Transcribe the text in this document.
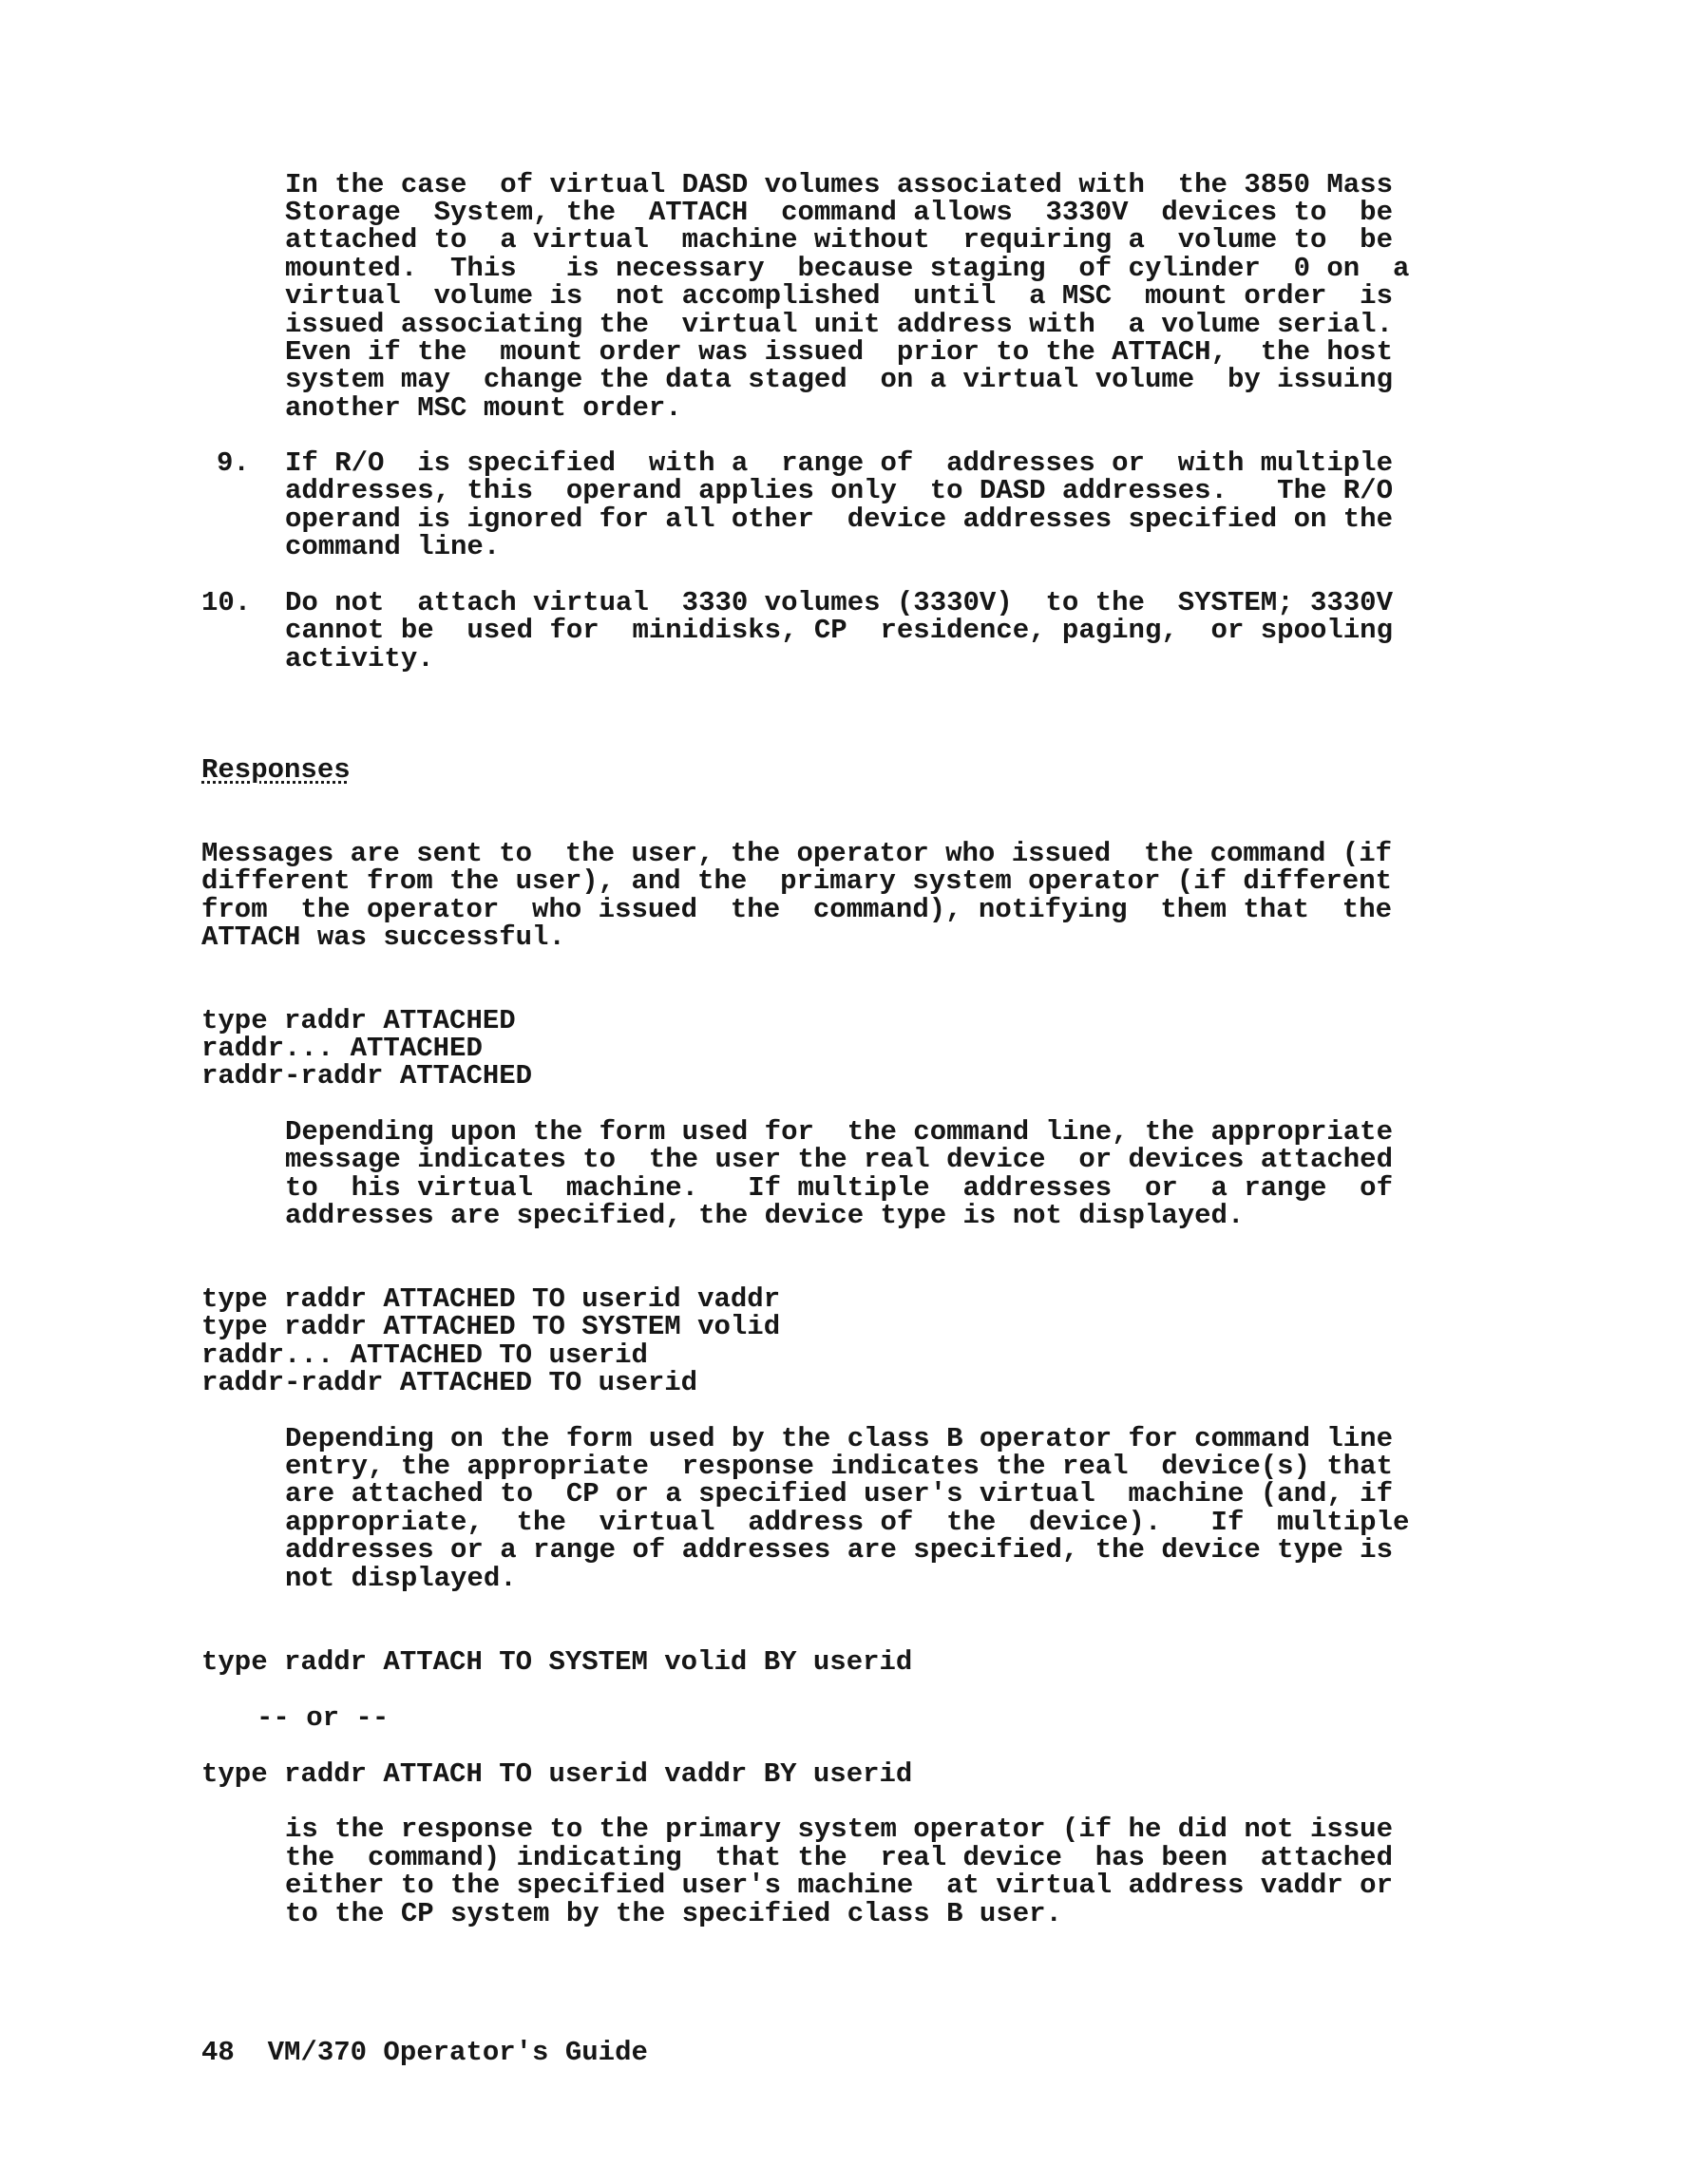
In the case  of virtual DASD volumes associated with  the 3850 Mass
Storage  System, the  ATTACH  command allows  3330V  devices to  be
attached to  a virtual  machine without  requiring a  volume to  be
mounted.  This   is necessary  because staging  of cylinder  0 on  a
virtual  volume is  not accomplished  until  a MSC  mount order  is
issued associating the  virtual unit address with  a volume serial.
Even if the  mount order was issued  prior to the ATTACH,  the host
system may  change the data staged  on a virtual volume  by issuing
another MSC mount order.
9. If R/O  is specified  with a  range of  addresses or  with multiple
addresses, this  operand applies only  to DASD addresses.   The R/O
operand is ignored for all other  device addresses specified on the
command line.
10. Do not  attach virtual  3330 volumes (3330V)  to the  SYSTEM; 3330V
cannot be  used for  minidisks, CP  residence, paging,  or spooling
activity.
Responses
Messages are sent to  the user, the operator who issued  the command (if
different from the user), and the  primary system operator (if different
from  the operator  who issued  the  command), notifying  them that  the
ATTACH was successful.
type raddr ATTACHED
raddr... ATTACHED
raddr-raddr ATTACHED
Depending upon the form used for  the command line, the appropriate
message indicates to  the user the real device  or devices attached
to  his virtual  machine.   If multiple  addresses  or  a range  of
addresses are specified, the device type is not displayed.
type raddr ATTACHED TO userid vaddr
type raddr ATTACHED TO SYSTEM volid
raddr... ATTACHED TO userid
raddr-raddr ATTACHED TO userid
Depending on the form used by the class B operator for command line
entry, the appropriate  response indicates the real  device(s) that
are attached to  CP or a specified user's virtual  machine (and, if
appropriate,  the  virtual  address of  the  device).   If  multiple
addresses or a range of addresses are specified, the device type is
not displayed.
type raddr ATTACH TO SYSTEM volid BY userid
-- or --
type raddr ATTACH TO userid vaddr BY userid
is the response to the primary system operator (if he did not issue
the  command) indicating  that the  real device  has been  attached
either to the specified user's machine  at virtual address vaddr or
to the CP system by the specified class B user.
48  VM/370 Operator's Guide
